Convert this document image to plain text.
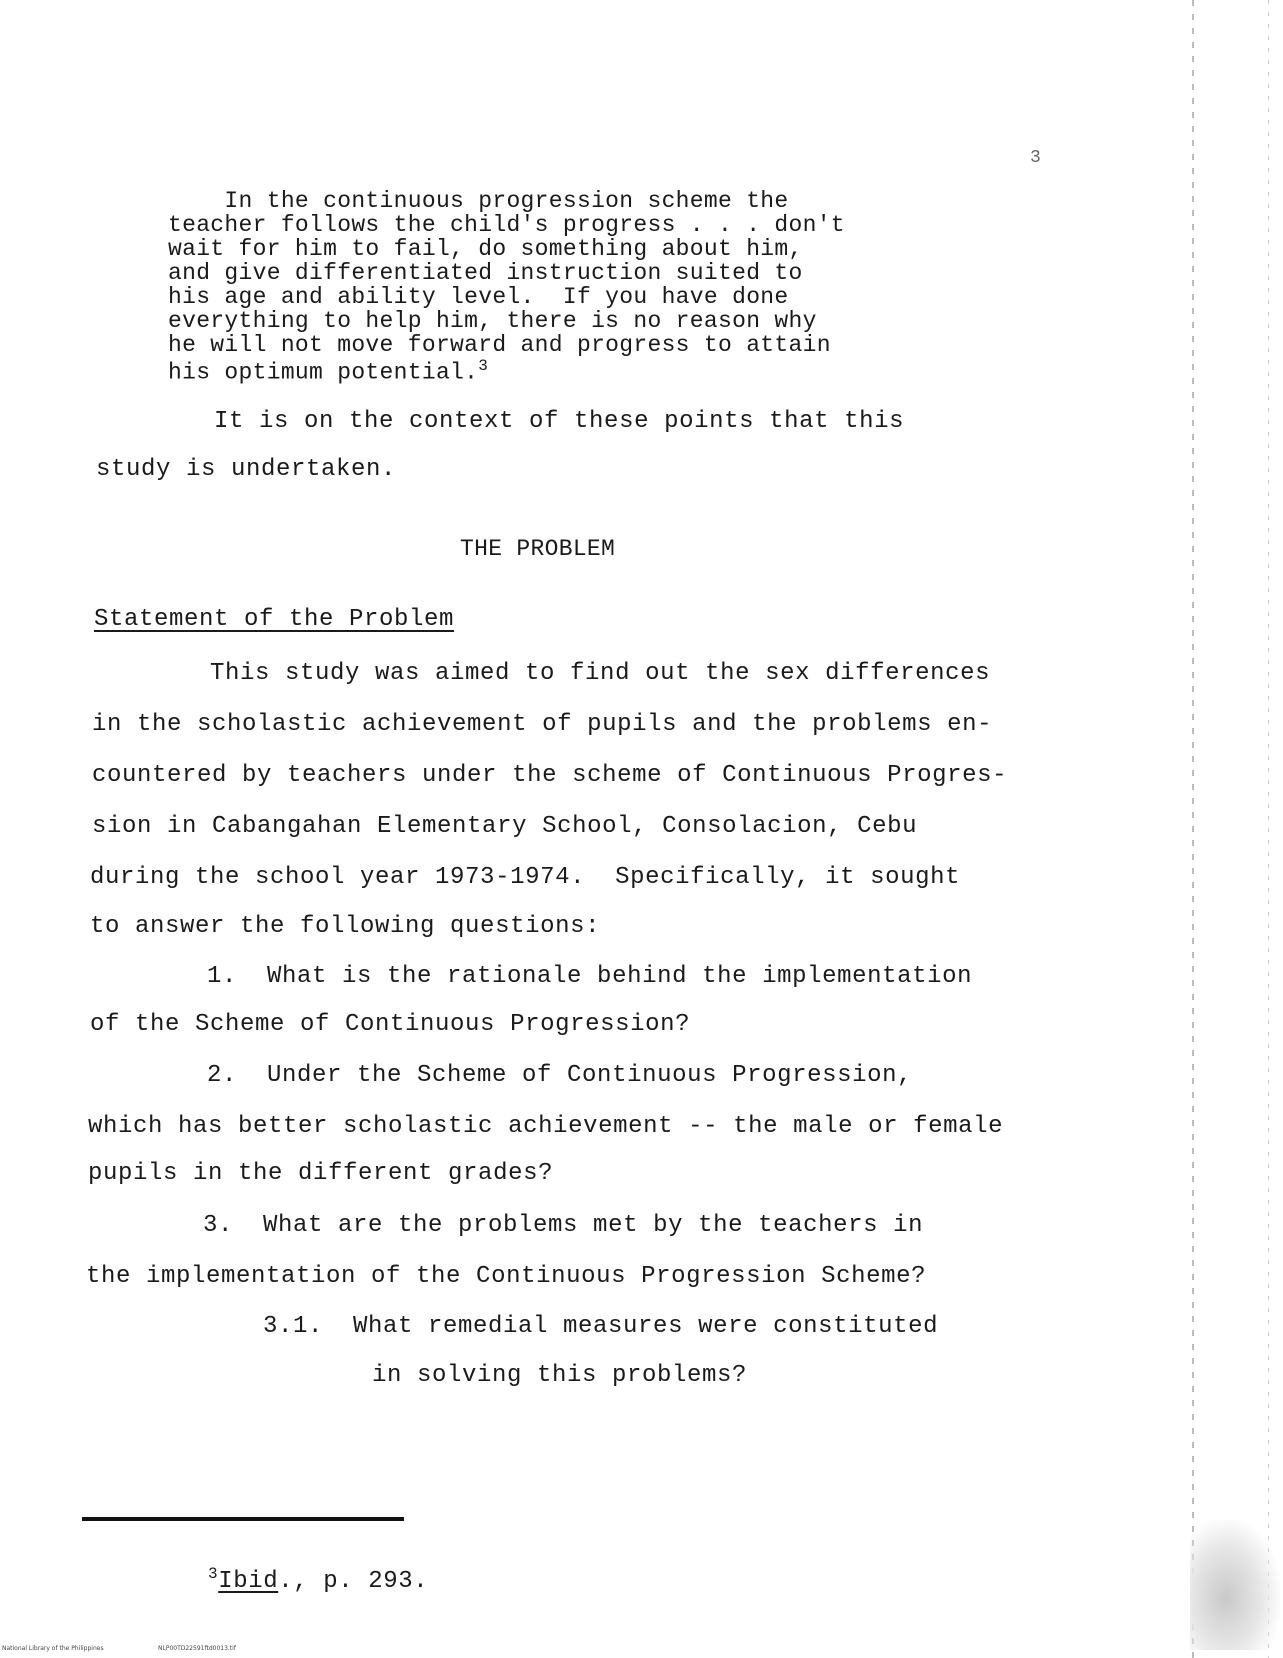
3
In the continuous progression scheme the
teacher follows the child's progress . . . don't
wait for him to fail, do something about him,
and give differentiated instruction suited to
his age and ability level.  If you have done
everything to help him, there is no reason why
he will not move forward and progress to attain
his optimum potential.$^3$
It is on the context of these points that this
study is undertaken.
THE PROBLEM
Statement of the Problem
This study was aimed to find out the sex differences
in the scholastic achievement of pupils and the problems en-
countered by teachers under the scheme of Continuous Progres-
sion in Cabangahan Elementary School, Consolacion, Cebu
during the school year 1973-1974.  Specifically, it sought
to answer the following questions:
1.  What is the rationale behind the implementation
of the Scheme of Continuous Progression?
2.  Under the Scheme of Continuous Progression,
which has better scholastic achievement -- the male or female
pupils in the different grades?
3.  What are the problems met by the teachers in
the implementation of the Continuous Progression Scheme?
3.1.  What remedial measures were constituted
in solving this problems?
$^3$Ibid., p. 293.
National Library of the Philippines	NLP00TD22591ftd0013.tif
